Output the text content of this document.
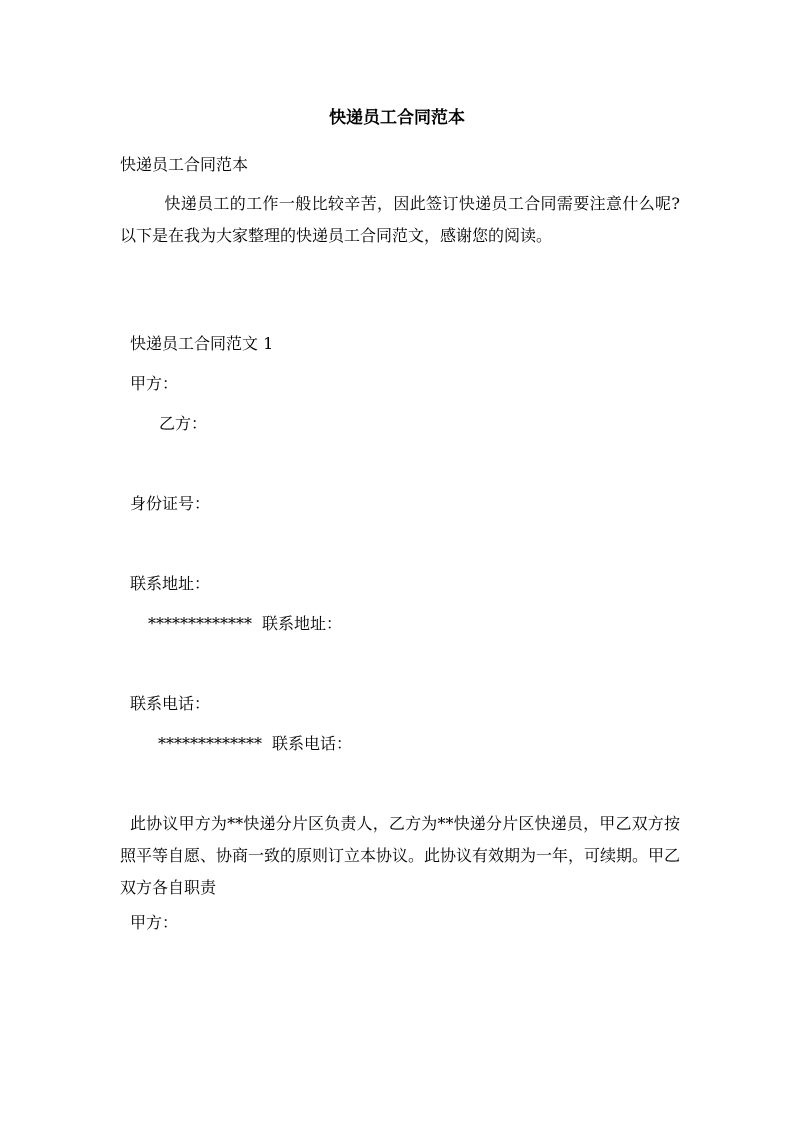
快递员工合同范本

快递员工合同范本

快递员工的工作一般比较辛苦，因此签订快递员工合同需要注意什么呢?以下是在我为大家整理的快递员工合同范文，感谢您的阅读。

快递员工合同范文 1

甲方：

乙方：

身份证号：

联系地址：

************* 联系地址：

联系电话：

************* 联系电话：

此协议甲方为**快递分片区负责人，乙方为**快递分片区快递员，甲乙双方按照平等自愿、协商一致的原则订立本协议。此协议有效期为一年，可续期。甲乙双方各自职责

甲方：
